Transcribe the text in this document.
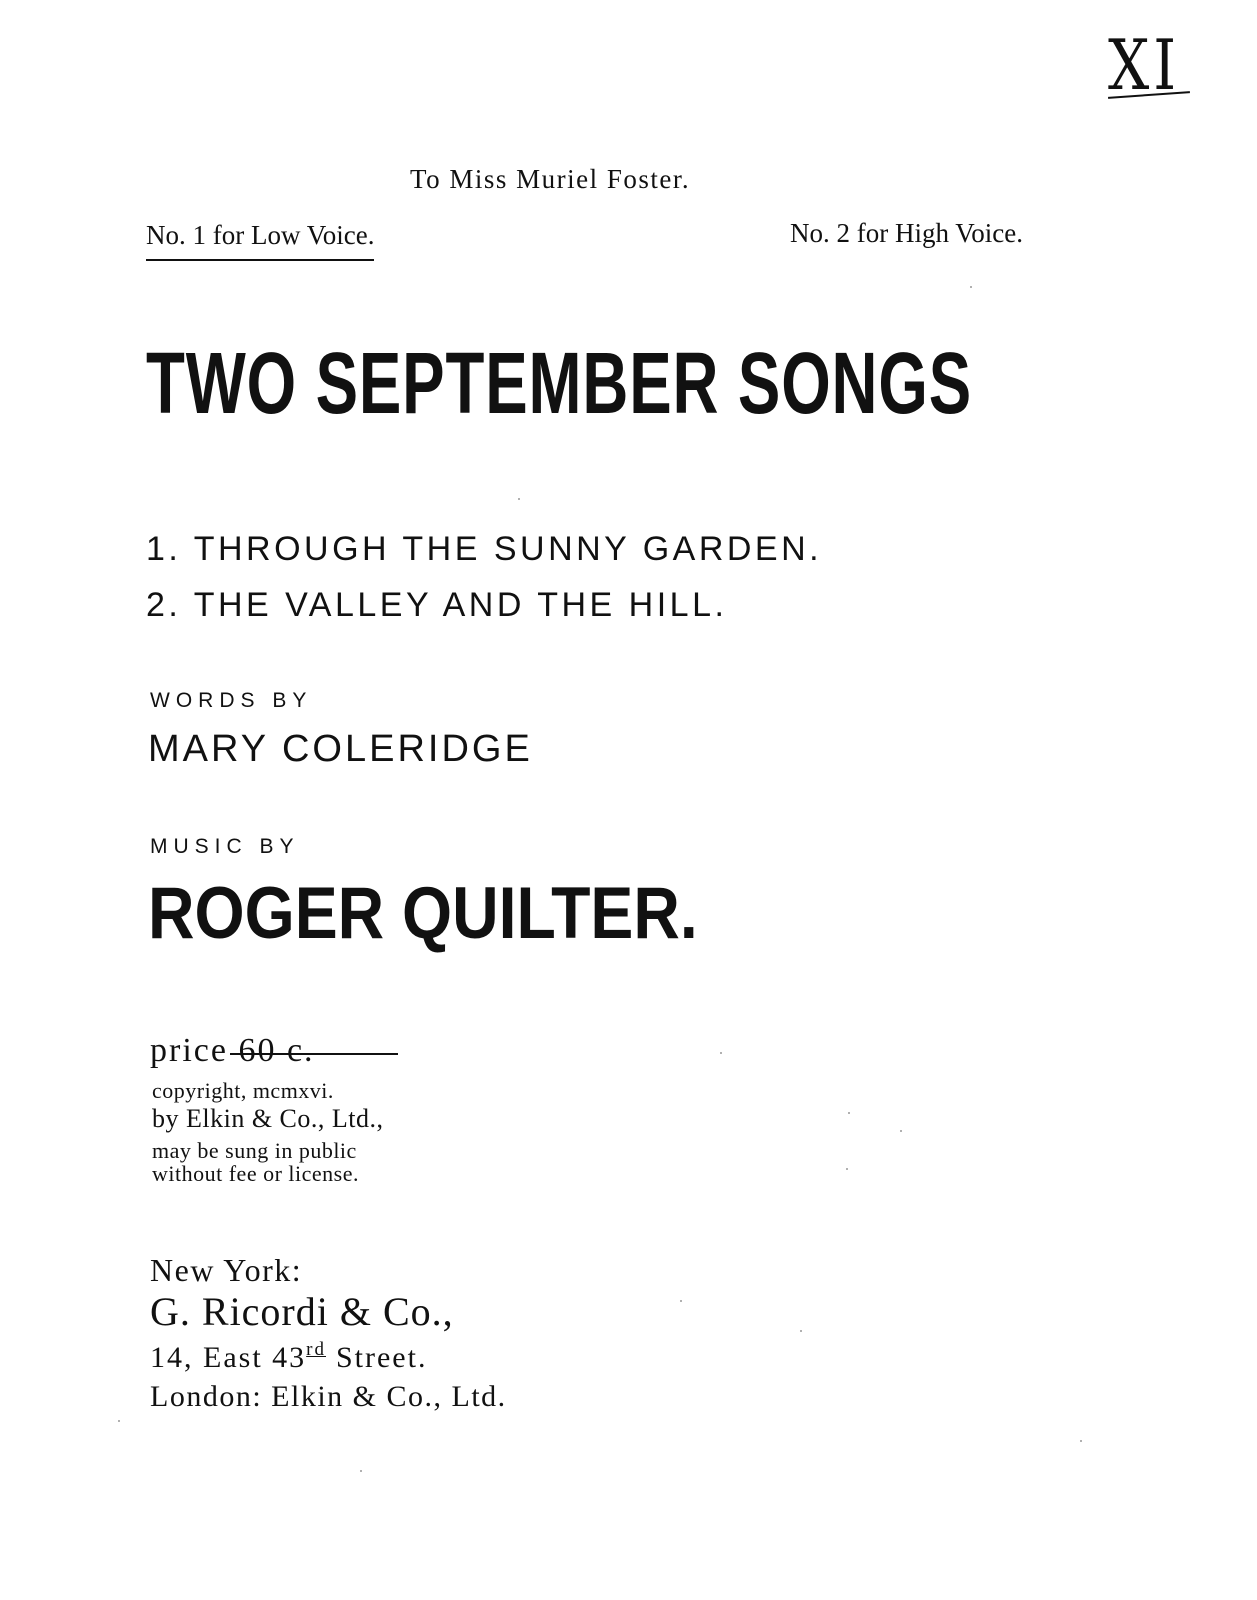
XI
To Miss Muriel Foster.
No. 1 for Low Voice.	No. 2 for High Voice.
TWO SEPTEMBER SONGS
1. THROUGH THE SUNNY GARDEN.
2. THE VALLEY AND THE HILL.
WORDS BY
MARY COLERIDGE
MUSIC BY
ROGER QUILTER.
price 60 c.
copyright, mcmxvi.
by Elkin & Co., Ltd.,
may be sung in public
without fee or license.
New York:
G. Ricordi & Co.,
14, East 43rd Street.
London: Elkin & Co., Ltd.
